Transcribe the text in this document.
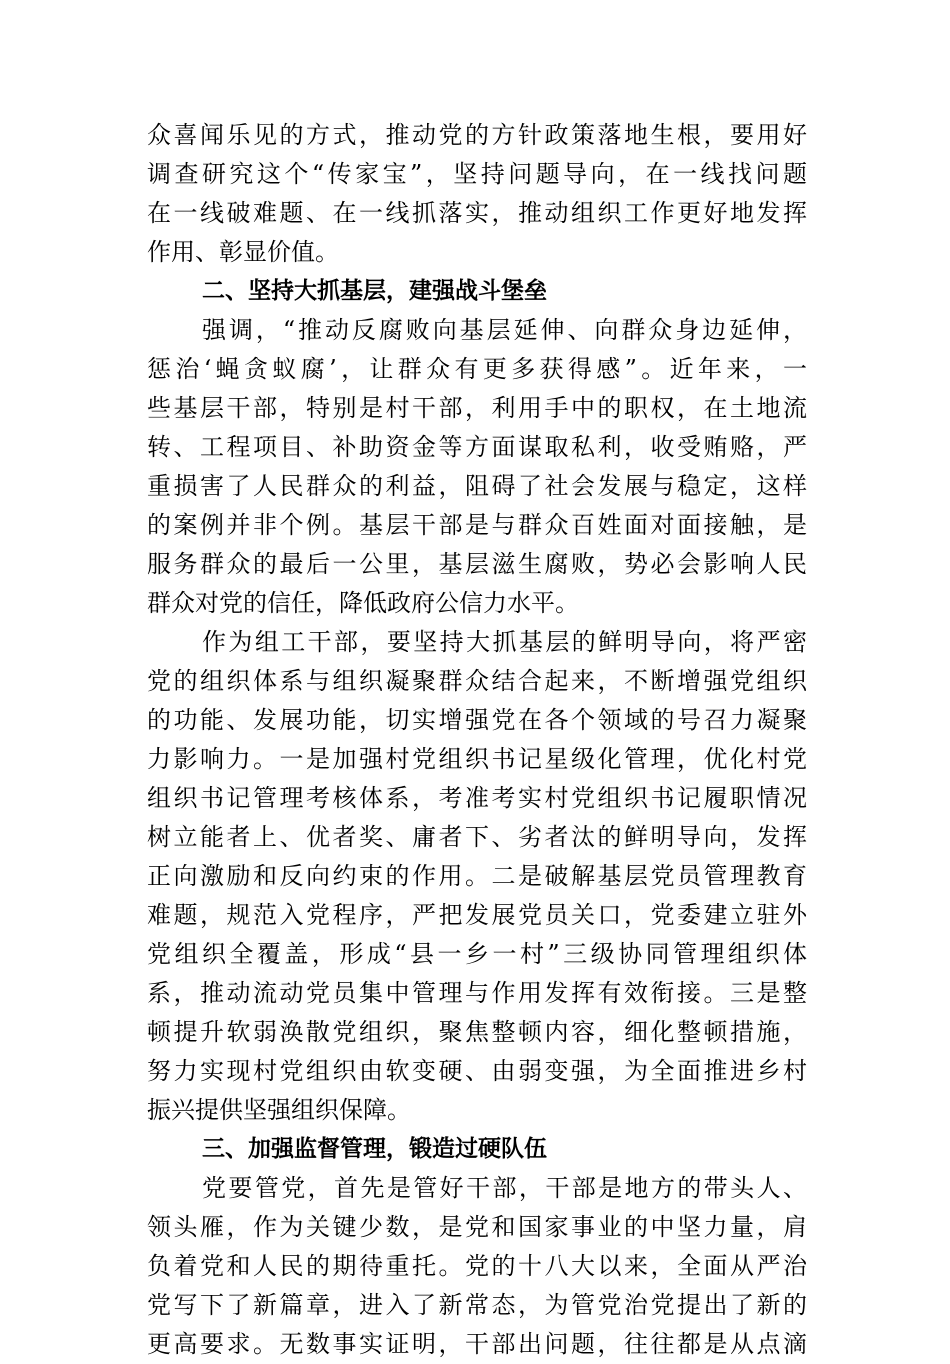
众喜闻乐见的方式，推动党的方针政策落地生根，要用好
调查研究这个“传家宝”，坚持问题导向，在一线找问题
在一线破难题、在一线抓落实，推动组织工作更好地发挥
作用、彰显价值。
二、坚持大抓基层，建强战斗堡垒
强调，“推动反腐败向基层延伸、向群众身边延伸，
惩治‘蝇贪蚁腐’，让群众有更多获得感”。近年来，一
些基层干部，特别是村干部，利用手中的职权，在土地流
转、工程项目、补助资金等方面谋取私利，收受贿赂，严
重损害了人民群众的利益，阻碍了社会发展与稳定，这样
的案例并非个例。基层干部是与群众百姓面对面接触，是
服务群众的最后一公里，基层滋生腐败，势必会影响人民
群众对党的信任，降低政府公信力水平。
作为组工干部，要坚持大抓基层的鲜明导向，将严密
党的组织体系与组织凝聚群众结合起来，不断增强党组织
的功能、发展功能，切实增强党在各个领域的号召力凝聚
力影响力。一是加强村党组织书记星级化管理，优化村党
组织书记管理考核体系，考准考实村党组织书记履职情况
树立能者上、优者奖、庸者下、劣者汰的鲜明导向，发挥
正向激励和反向约束的作用。二是破解基层党员管理教育
难题，规范入党程序，严把发展党员关口，党委建立驻外
党组织全覆盖，形成“县一乡一村”三级协同管理组织体
系，推动流动党员集中管理与作用发挥有效衔接。三是整
顿提升软弱涣散党组织，聚焦整顿内容，细化整顿措施，
努力实现村党组织由软变硬、由弱变强，为全面推进乡村
振兴提供坚强组织保障。
三、加强监督管理，锻造过硬队伍
党要管党，首先是管好干部，干部是地方的带头人、
领头雁，作为关键少数，是党和国家事业的中坚力量，肩
负着党和人民的期待重托。党的十八大以来，全面从严治
党写下了新篇章，进入了新常态，为管党治党提出了新的
更高要求。无数事实证明，干部出问题，往往都是从点滴
